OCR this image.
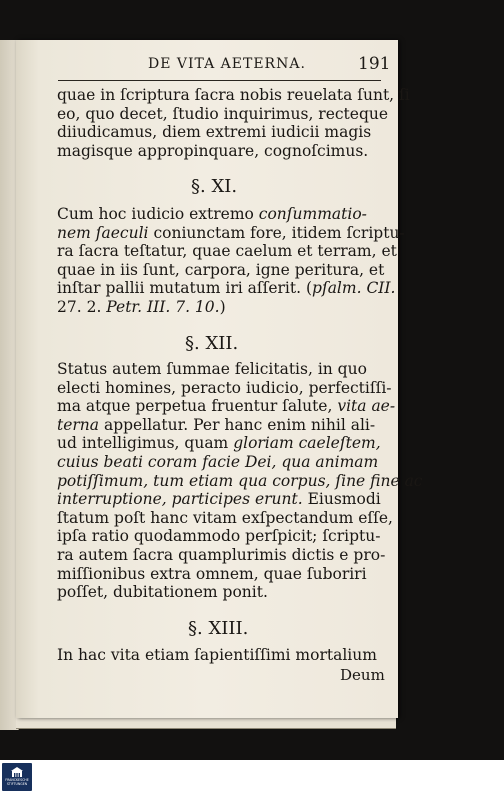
DE VITA AETERNA.	191
quae in ſcriptura ſacra nobis reuelata ſunt, ſi
eo, quo decet, ſtudio inquirimus, recteque
diiudicamus, diem extremi iudicii magis
magisque appropinquare, cognoſcimus.
§. XI.
Cum hoc iudicio extremo conſummatio-
nem ſaeculi coniunctam fore, itidem ſcriptu-
ra ſacra teſtatur, quae caelum et terram, et
quae in iis ſunt, carpora, igne peritura, et
inſtar pallii mutatum iri aſſerit. (pſalm. CII.
27. 2. Petr. III. 7. 10.)
§. XII.
Status autem ſummae felicitatis, in quo
electi homines, peracto iudicio, perfectiſſi-
ma atque perpetua fruentur ſalute, vita ae-
terna appellatur. Per hanc enim nihil ali-
ud intelligimus, quam gloriam caeleſtem,
cuius beati coram facie Dei, qua animam
potiſſimum, tum etiam qua corpus, ſine fine ac
interruptione, participes erunt. Eiusmodi
ſtatum poſt hanc vitam exſpectandum eſſe,
ipſa ratio quodammodo perſpicit; ſcriptu-
ra autem ſacra quamplurimis dictis e pro-
miſſionibus extra omnem, quae ſuboriri
poſſet, dubitationem ponit.
§. XIII.
In hac vita etiam ſapientiſſimi mortalium
Deum
FRANCKESCHE
STIFTUNGEN
